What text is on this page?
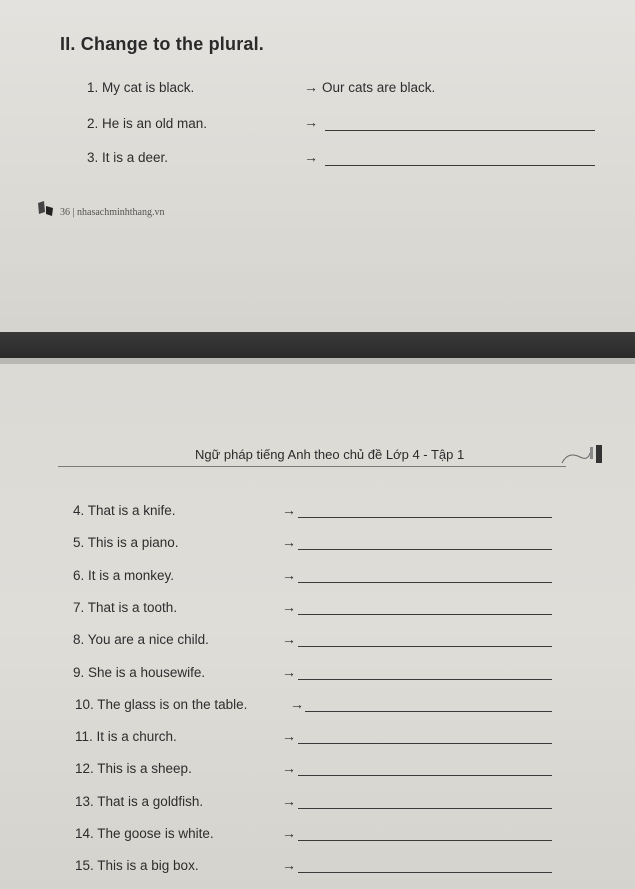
II. Change to the plural.
1. My cat is black.	→ Our cats are black.
2. He is an old man.	→
3. It is a deer.	→
36 | nhasachminhthang.vn
Ngữ pháp tiếng Anh theo chủ đề Lớp 4 - Tập 1
4. That is a knife.	→
5. This is a piano.	→
6. It is a monkey.	→
7. That is a tooth.	→
8. You are a nice child.	→
9. She is a housewife.	→
10. The glass is on the table.	→
11. It is a church.	→
12. This is a sheep.	→
13. That is a goldfish.	→
14. The goose is white.	→
15. This is a big box.	→
